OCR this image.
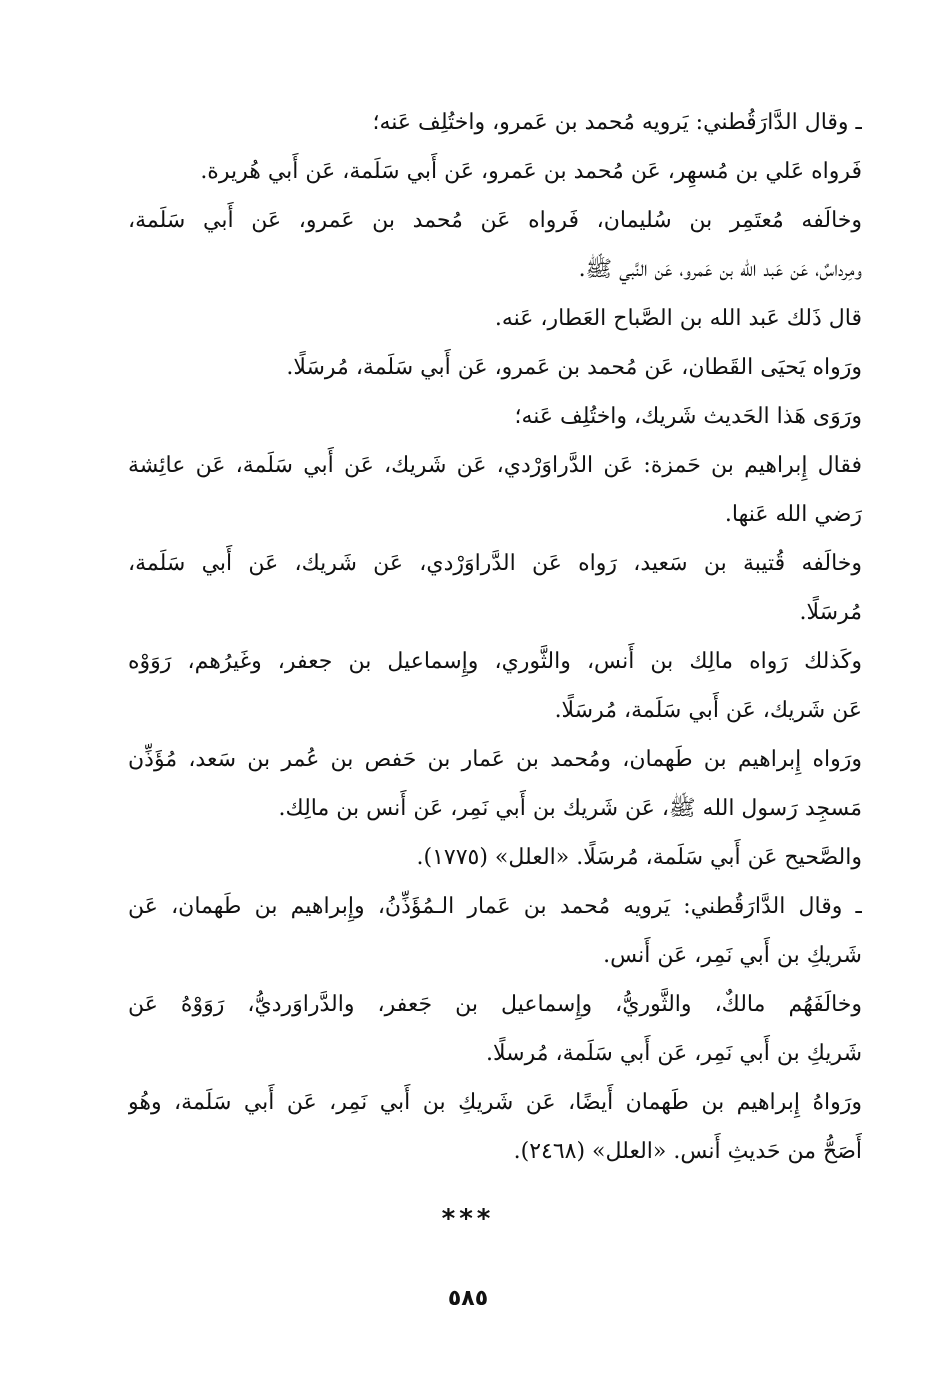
ـ وقال الدَّارَقُطني: يَرويه مُحمد بن عَمرو، واختُلِف عَنه؛
فَرواه عَلي بن مُسهِر، عَن مُحمد بن عَمرو، عَن أَبي سَلَمة، عَن أَبي هُريرة.
وخالَفه مُعتَمِر بن سُليمان، فَرواه عَن مُحمد بن عَمرو، عَن أَبي سَلَمة،
ومِرداسٌ، عَن عَبد الله بن عَمرو، عَن النَّبي ﷺ.
قال ذَلك عَبد الله بن الصَّباح العَطار، عَنه.
ورَواه يَحيَى القَطان، عَن مُحمد بن عَمرو، عَن أَبي سَلَمة، مُرسَلًا.
ورَوَى هَذا الحَديث شَريك، واختُلِف عَنه؛
فقال إِبراهيم بن حَمزة: عَن الدَّراوَرْدي، عَن شَريك، عَن أَبي سَلَمة، عَن عائِشة
رَضي الله عَنها.
وخالَفه قُتيبة بن سَعيد، رَواه عَن الدَّراوَرْدي، عَن شَريك، عَن أَبي سَلَمة،
مُرسَلًا.
وكَذلك رَواه مالِك بن أَنس، والثَّوري، وإِسماعيل بن جعفر، وغَيرُهم، رَوَوْه
عَن شَريك، عَن أَبي سَلَمة، مُرسَلًا.
ورَواه إِبراهيم بن طَهمان، ومُحمد بن عَمار بن حَفص بن عُمر بن سَعد، مُؤَذِّن
مَسجِد رَسول الله ﷺ، عَن شَريك بن أَبي نَمِر، عَن أَنس بن مالِك.
والصَّحيح عَن أَبي سَلَمة، مُرسَلًا. «العلل» (١٧٧٥).
ـ وقال الدَّارَقُطني: يَرويه مُحمد بن عَمار الـمُؤَذِّنُ، وإِبراهيم بن طَهمان، عَن
شَريكِ بن أَبي نَمِر، عَن أَنس.
وخالَفَهُم مالكٌ، والثَّوريُّ، وإِسماعيل بن جَعفر، والدَّراوَرديُّ، رَوَوْهُ عَن
شَريكِ بن أَبي نَمِر، عَن أَبي سَلَمة، مُرسلًا.
ورَواهُ إِبراهيم بن طَهمان أَيضًا، عَن شَريكِ بن أَبي نَمِر، عَن أَبي سَلَمة، وهُو
أَصَحُّ من حَديثِ أَنس. «العلل» (٢٤٦٨).
***
٥٨٥
